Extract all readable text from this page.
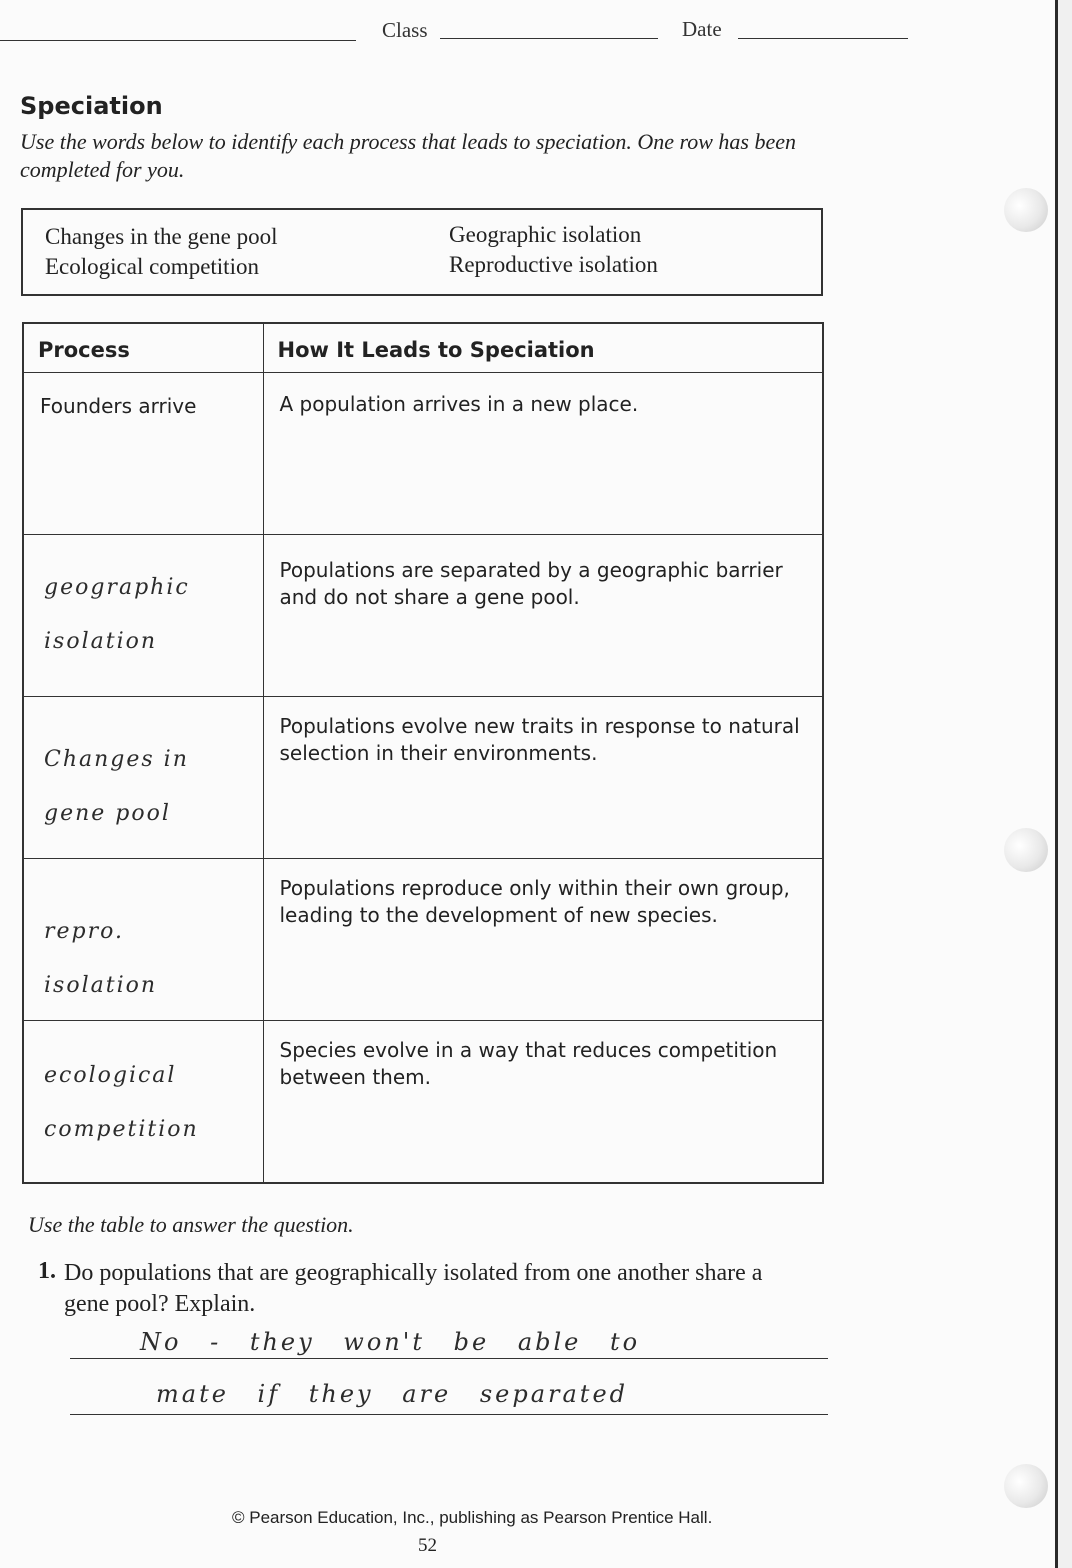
Class	Date
Speciation
Use the words below to identify each process that leads to speciation. One row has been completed for you.
Changes in the gene pool
Ecological competition
Geographic isolation
Reproductive isolation
Process	How It Leads to Speciation
Founders arrive	A population arrives in a new place.
geographic isolation	Populations are separated by a geographic barrier and do not share a gene pool.
Changes in gene pool	Populations evolve new traits in response to natural selection in their environments.
repro. isolation	Populations reproduce only within their own group, leading to the development of new species.
ecological competition	Species evolve in a way that reduces competition between them.
Use the table to answer the question.
1. Do populations that are geographically isolated from one another share a gene pool? Explain.
No - they won't be able to
mate if they are separated
© Pearson Education, Inc., publishing as Pearson Prentice Hall.
52
